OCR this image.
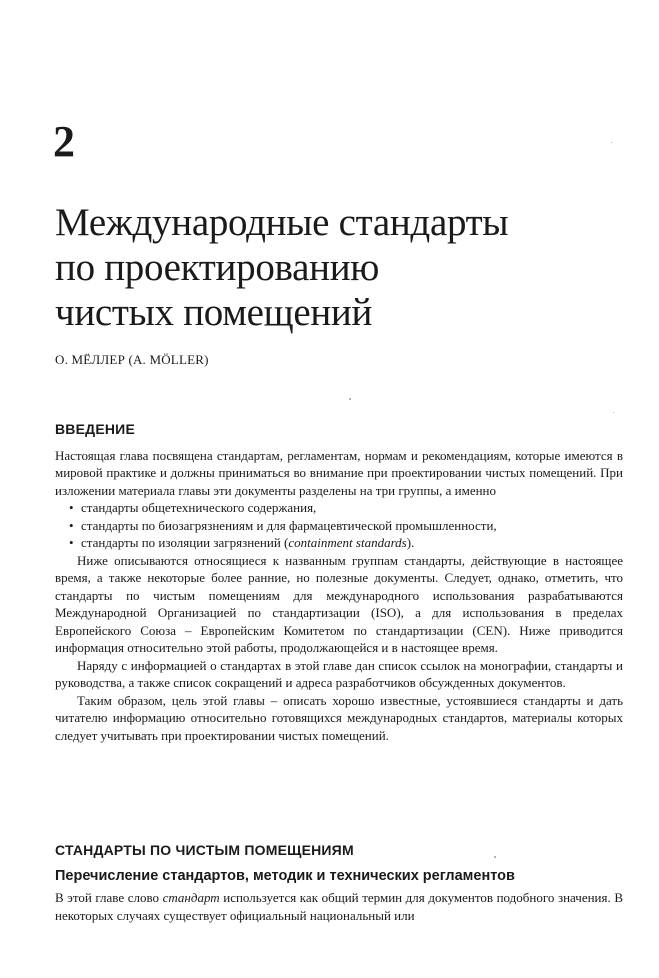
2
Международные стандарты
по проектированию
чистых помещений
О. МЁЛЛЕР (A. MÖLLER)
ВВЕДЕНИЕ

Настоящая глава посвящена стандартам, регламентам, нормам и рекомендациям, которые имеются в мировой практике и должны приниматься во внимание при проектировании чистых помещений. При изложении материала главы эти документы разделены на три группы, а именно

• стандарты общетехнического содержания,
• стандарты по биозагрязнениям и для фармацевтической промышленности,
• стандарты по изоляции загрязнений (containment standards).

Ниже описываются относящиеся к названным группам стандарты, действующие в настоящее время, а также некоторые более ранние, но полезные документы. Следует, однако, отметить, что стандарты по чистым помещениям для международного использования разрабатываются Международной Организацией по стандартизации (ISO), а для использования в пределах Европейского Союза – Европейским Комитетом по стандартизации (CEN). Ниже приводится информация относительно этой работы, продолжающейся и в настоящее время.

Наряду с информацией о стандартах в этой главе дан список ссылок на монографии, стандарты и руководства, а также список сокращений и адреса разработчиков обсужденных документов.

Таким образом, цель этой главы – описать хорошо известные, устоявшиеся стандарты и дать читателю информацию относительно готовящихся международных стандартов, материалы которых следует учитывать при проектировании чистых помещений.

СТАНДАРТЫ ПО ЧИСТЫМ ПОМЕЩЕНИЯМ
Перечисление стандартов, методик и технических регламентов

В этой главе слово стандарт используется как общий термин для документов подобного значения. В некоторых случаях существует официальный национальный или
